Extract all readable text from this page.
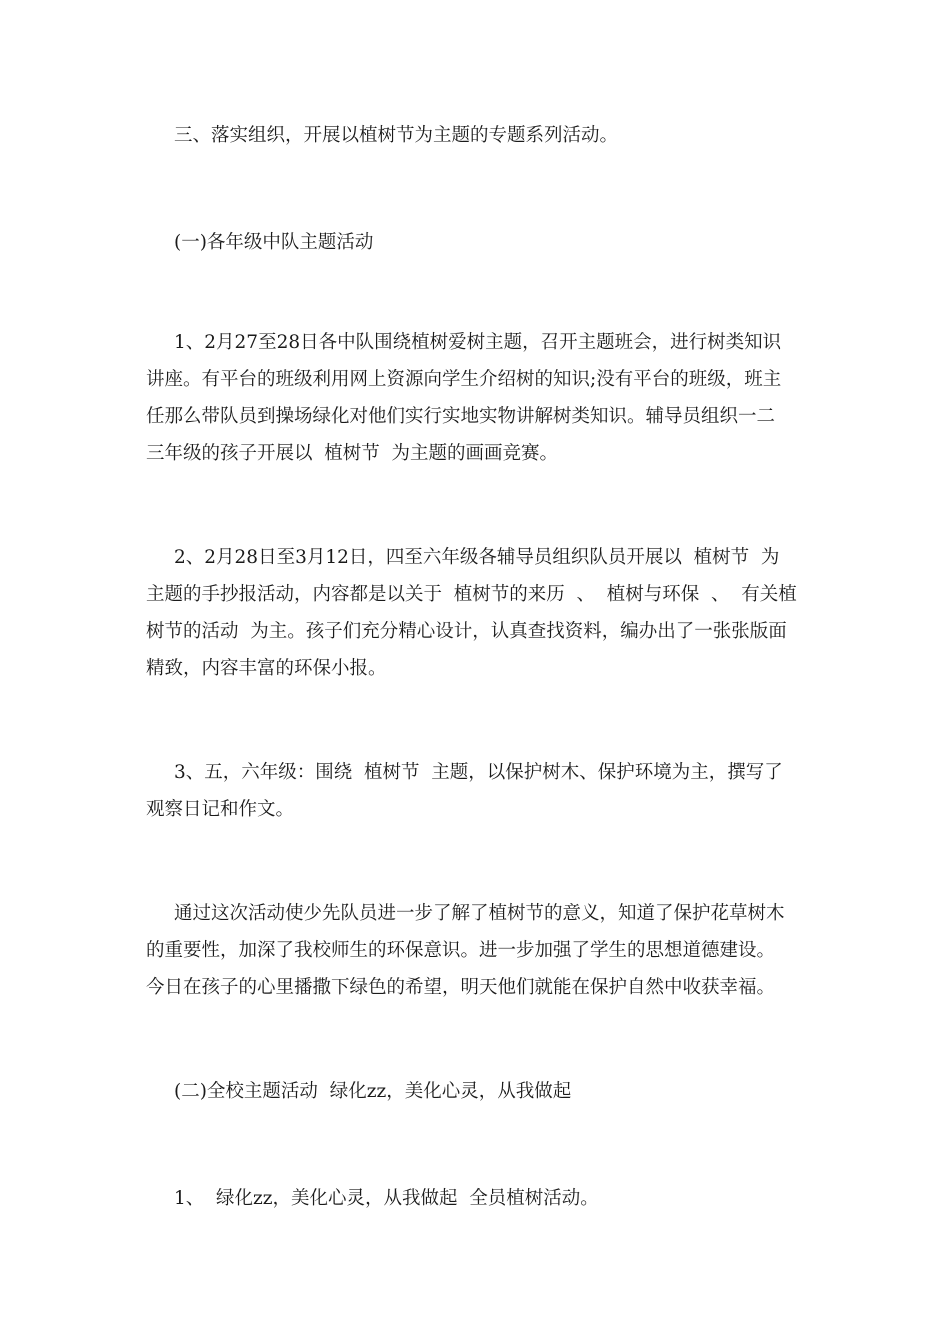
三、落实组织，开展以植树节为主题的专题系列活动。
(一)各年级中队主题活动
1、2月27至28日各中队围绕植树爱树主题，召开主题班会，进行树类知识
讲座。有平台的班级利用网上资源向学生介绍树的知识;没有平台的班级，班主
任那么带队员到操场绿化对他们实行实地实物讲解树类知识。辅导员组织一二
三年级的孩子开展以  植树节  为主题的画画竞赛。
2、2月28日至3月12日，四至六年级各辅导员组织队员开展以  植树节  为
主题的手抄报活动，内容都是以关于  植树节的来历  、  植树与环保  、  有关植
树节的活动  为主。孩子们充分精心设计，认真查找资料，编办出了一张张版面
精致，内容丰富的环保小报。
3、五，六年级：围绕  植树节  主题，以保护树木、保护环境为主，撰写了
观察日记和作文。
通过这次活动使少先队员进一步了解了植树节的意义，知道了保护花草树木
的重要性，加深了我校师生的环保意识。进一步加强了学生的思想道德建设。
今日在孩子的心里播撒下绿色的希望，明天他们就能在保护自然中收获幸福。
(二)全校主题活动  绿化zz，美化心灵，从我做起
1、  绿化zz，美化心灵，从我做起  全员植树活动。
